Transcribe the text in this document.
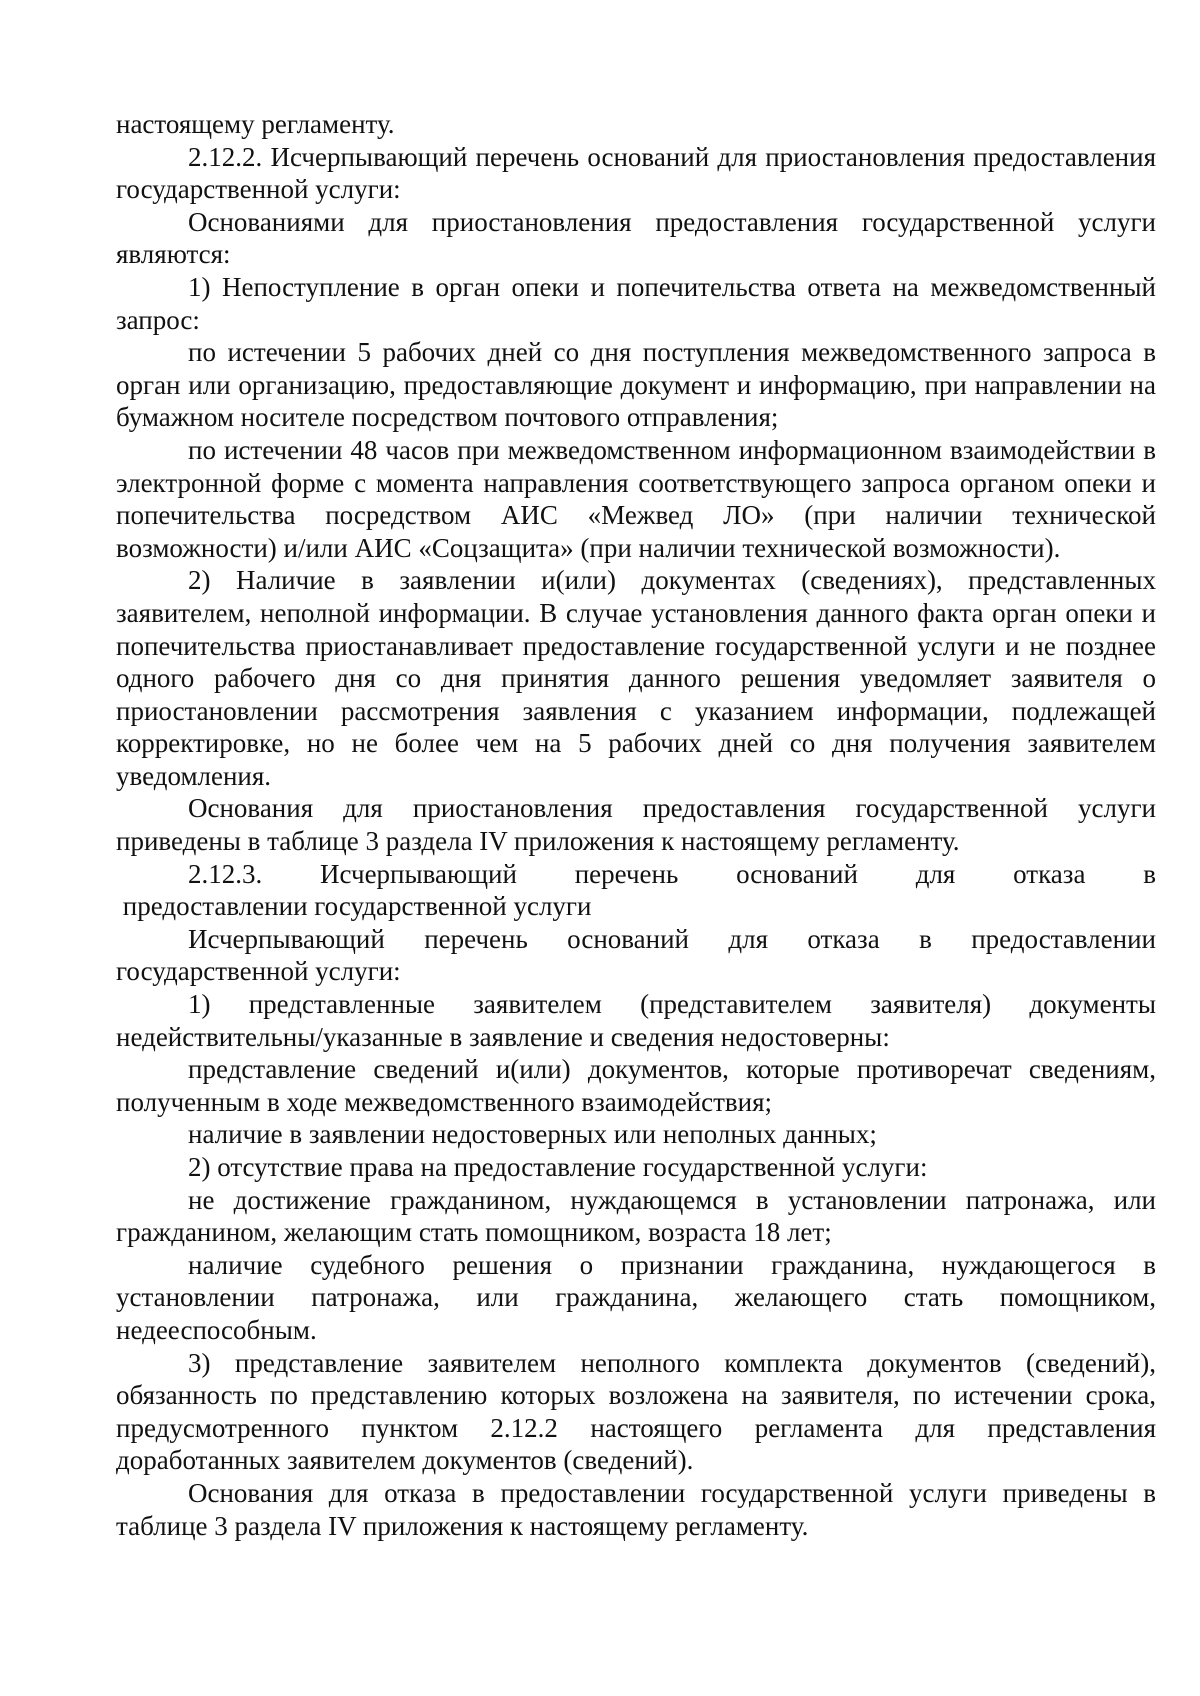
настоящему регламенту.

2.12.2. Исчерпывающий перечень оснований для приостановления предоставления государственной услуги:

Основаниями для приостановления предоставления государственной услуги являются:

1) Непоступление в орган опеки и попечительства ответа на межведомственный запрос:

по истечении 5 рабочих дней со дня поступления межведомственного запроса в орган или организацию, предоставляющие документ и информацию, при направлении на бумажном носителе посредством почтового отправления;

по истечении 48 часов при межведомственном информационном взаимодействии в электронной форме с момента направления соответствующего запроса органом опеки и попечительства посредством АИС «Межвед ЛО» (при наличии технической возможности) и/или АИС «Соцзащита» (при наличии технической возможности).

2) Наличие в заявлении и(или) документах (сведениях), представленных заявителем, неполной информации. В случае установления данного факта орган опеки и попечительства приостанавливает предоставление государственной услуги и не позднее одного рабочего дня со дня принятия данного решения уведомляет заявителя о приостановлении рассмотрения заявления с указанием информации, подлежащей корректировке, но не более чем на 5 рабочих дней со дня получения заявителем уведомления.

Основания для приостановления предоставления государственной услуги приведены в таблице 3 раздела IV приложения к настоящему регламенту.

2.12.3. Исчерпывающий перечень оснований для отказа в

предоставлении государственной услуги

Исчерпывающий перечень оснований для отказа в предоставлении государственной услуги:

1) представленные заявителем (представителем заявителя) документы недействительны/указанные в заявление и сведения недостоверны:

представление сведений и(или) документов, которые противоречат сведениям, полученным в ходе межведомственного взаимодействия;

наличие в заявлении недостоверных или неполных данных;

2) отсутствие права на предоставление государственной услуги:

не достижение гражданином, нуждающемся в установлении патронажа, или гражданином, желающим стать помощником, возраста 18 лет;

наличие судебного решения о признании гражданина, нуждающегося в установлении патронажа, или гражданина, желающего стать помощником, недееспособным.

3) представление заявителем неполного комплекта документов (сведений), обязанность по представлению которых возложена на заявителя, по истечении срока, предусмотренного пунктом 2.12.2 настоящего регламента для представления доработанных заявителем документов (сведений).

Основания для отказа в предоставлении государственной услуги приведены в таблице 3 раздела IV приложения к настоящему регламенту.
